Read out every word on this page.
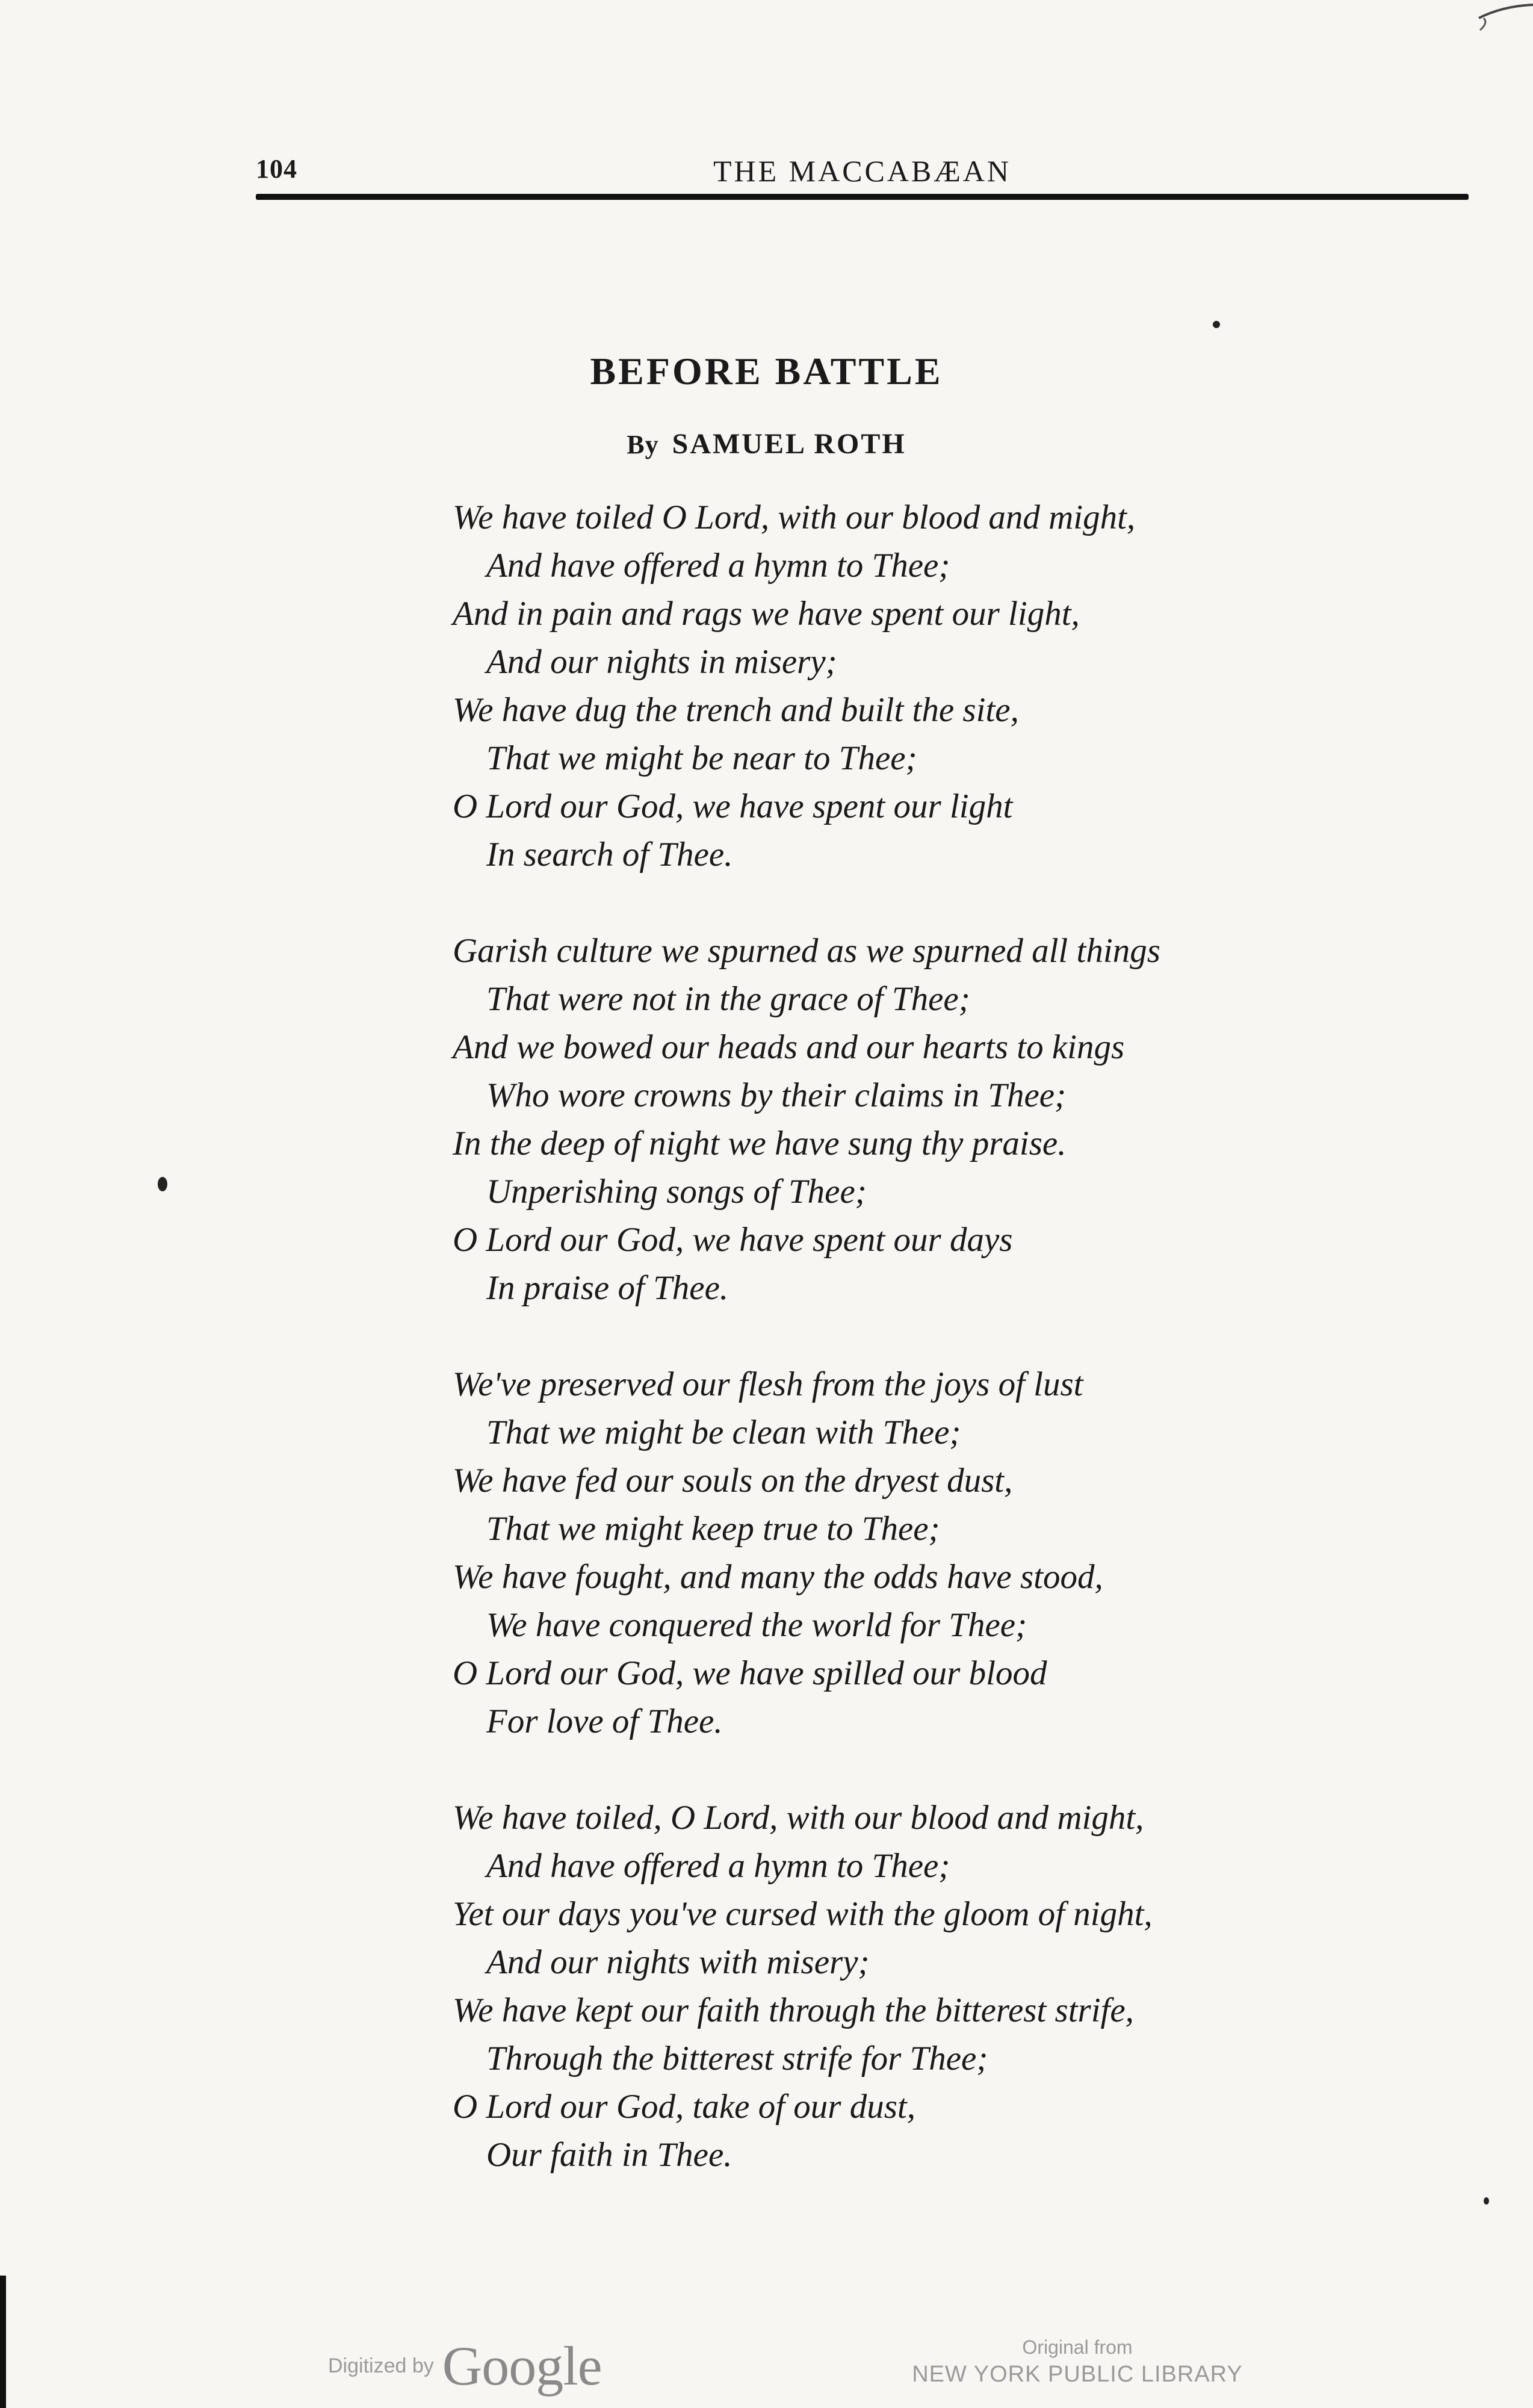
104	THE MACCABÆAN
BEFORE BATTLE
By SAMUEL ROTH
We have toiled O Lord, with our blood and might,
And have offered a hymn to Thee;
And in pain and rags we have spent our light,
And our nights in misery;
We have dug the trench and built the site,
That we might be near to Thee;
O Lord our God, we have spent our light
In search of Thee.
Garish culture we spurned as we spurned all things
That were not in the grace of Thee;
And we bowed our heads and our hearts to kings
Who wore crowns by their claims in Thee;
In the deep of night we have sung thy praise.
Unperishing songs of Thee;
O Lord our God, we have spent our days
In praise of Thee.
We've preserved our flesh from the joys of lust
That we might be clean with Thee;
We have fed our souls on the dryest dust,
That we might keep true to Thee;
We have fought, and many the odds have stood,
We have conquered the world for Thee;
O Lord our God, we have spilled our blood
For love of Thee.
We have toiled, O Lord, with our blood and might,
And have offered a hymn to Thee;
Yet our days you've cursed with the gloom of night,
And our nights with misery;
We have kept our faith through the bitterest strife,
Through the bitterest strife for Thee;
O Lord our God, take of our dust,
Our faith in Thee.
Digitized by Google	Original from
NEW YORK PUBLIC LIBRARY
